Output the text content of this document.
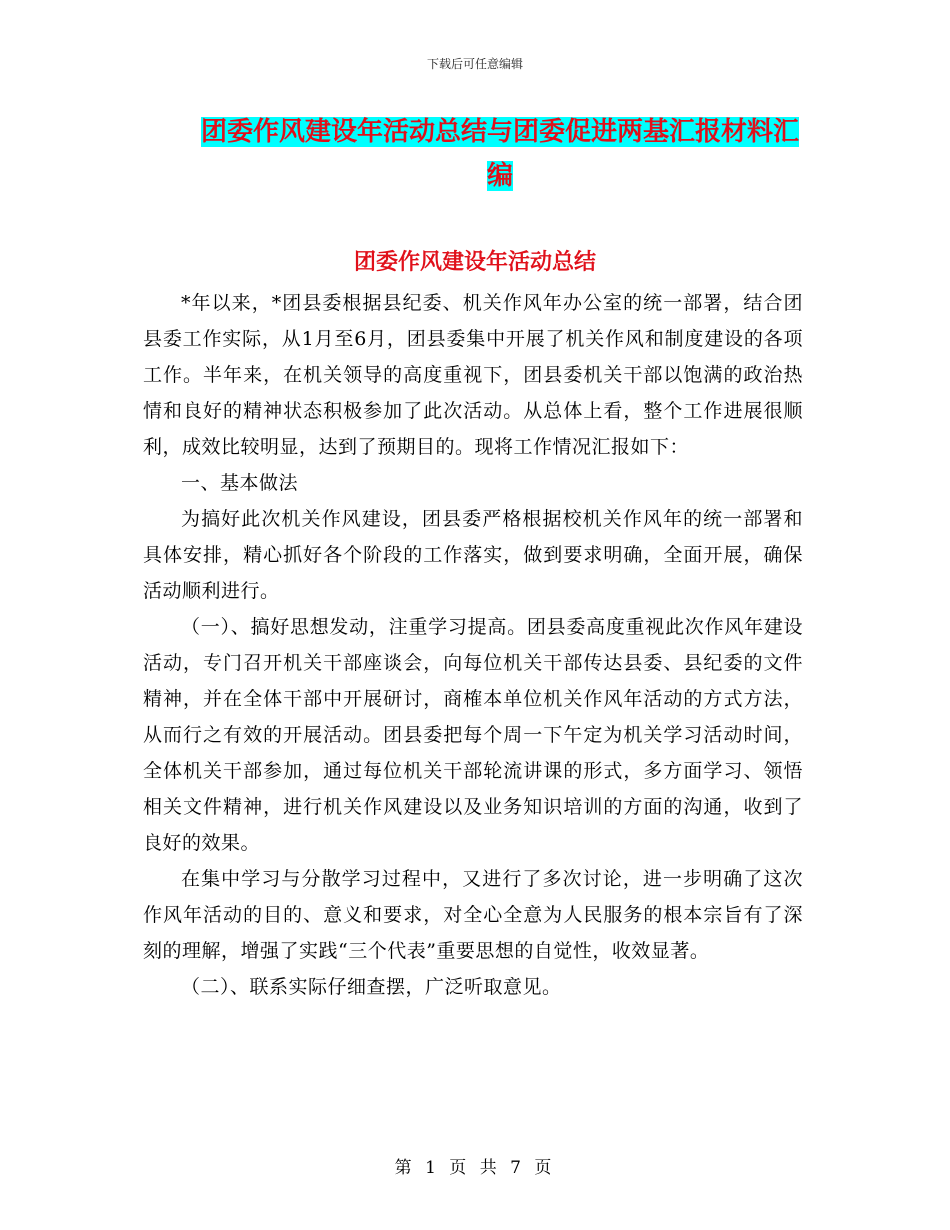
下载后可任意编辑
团委作风建设年活动总结与团委促进两基汇报材料汇编
团委作风建设年活动总结

*年以来，*团县委根据县纪委、机关作风年办公室的统一部署，结合团县委工作实际，从1月至6月，团县委集中开展了机关作风和制度建设的各项工作。半年来，在机关领导的高度重视下，团县委机关干部以饱满的政治热情和良好的精神状态积极参加了此次活动。从总体上看，整个工作进展很顺利，成效比较明显，达到了预期目的。现将工作情况汇报如下：

一、基本做法

为搞好此次机关作风建设，团县委严格根据校机关作风年的统一部署和具体安排，精心抓好各个阶段的工作落实，做到要求明确，全面开展，确保活动顺利进行。

（一）、搞好思想发动，注重学习提高。团县委高度重视此次作风年建设活动，专门召开机关干部座谈会，向每位机关干部传达县委、县纪委的文件精神，并在全体干部中开展研讨，商榷本单位机关作风年活动的方式方法，从而行之有效的开展活动。团县委把每个周一下午定为机关学习活动时间，全体机关干部参加，通过每位机关干部轮流讲课的形式，多方面学习、领悟相关文件精神，进行机关作风建设以及业务知识培训的方面的沟通，收到了良好的效果。

在集中学习与分散学习过程中，又进行了多次讨论，进一步明确了这次作风年活动的目的、意义和要求，对全心全意为人民服务的根本宗旨有了深刻的理解，增强了实践“三个代表”重要思想的自觉性，收效显著。

（二）、联系实际仔细查摆，广泛听取意见。

第 1 页 共 7 页
